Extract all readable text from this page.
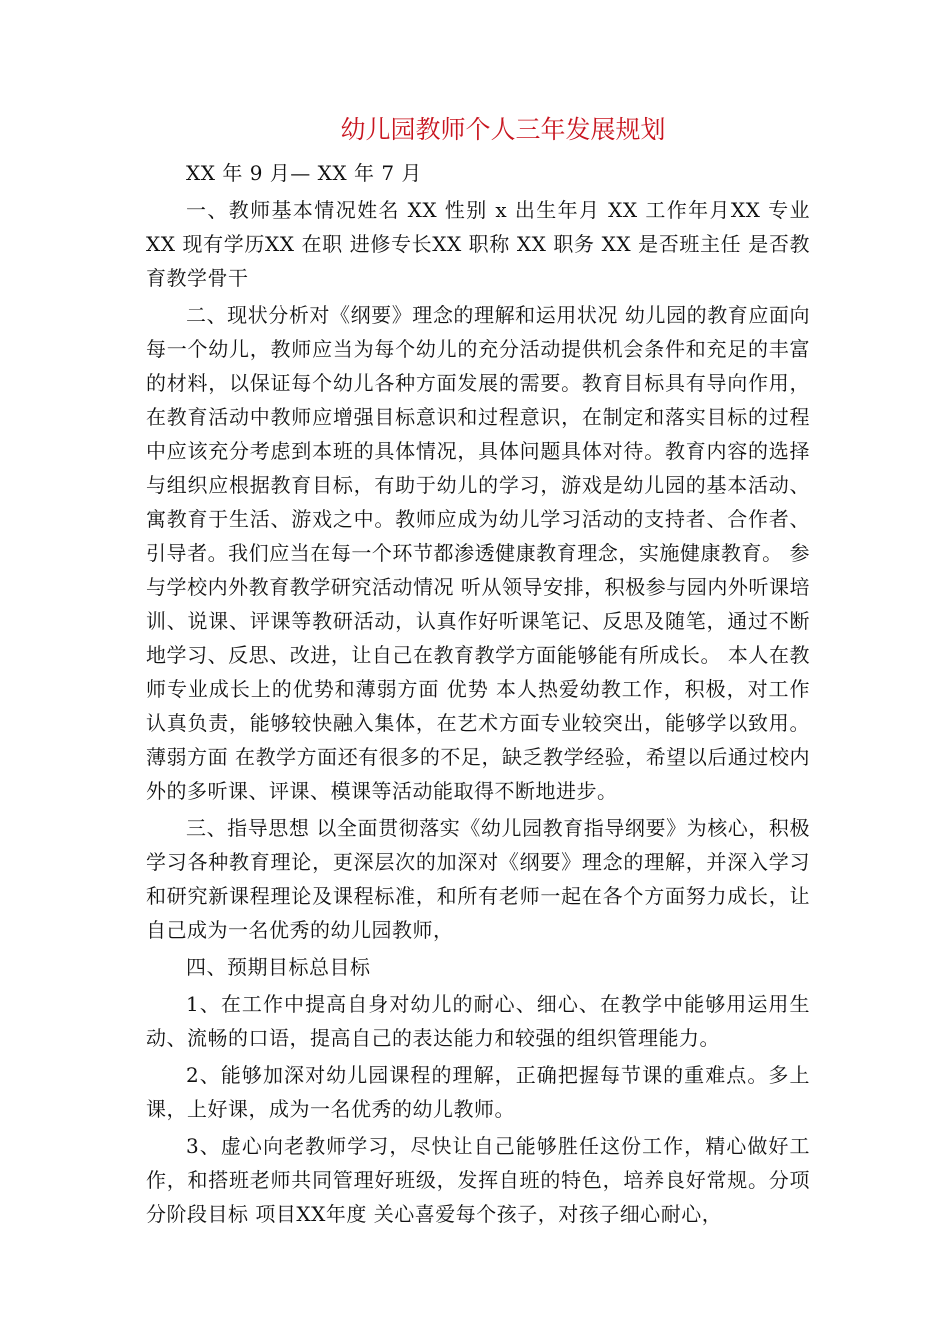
幼儿园教师个人三年发展规划

XX 年 9 月— XX 年 7 月

一、教师基本情况姓名 XX 性别 x 出生年月 XX 工作年月XX 专业 XX 现有学历XX 在职 进修专长XX 职称 XX 职务 XX 是否班主任 是否教育教学骨干

二、现状分析对《纲要》理念的理解和运用状况 幼儿园的教育应面向每一个幼儿，教师应当为每个幼儿的充分活动提供机会条件和充足的丰富的材料，以保证每个幼儿各种方面发展的需要。教育目标具有导向作用，在教育活动中教师应增强目标意识和过程意识，在制定和落实目标的过程中应该充分考虑到本班的具体情况，具体问题具体对待。教育内容的选择与组织应根据教育目标，有助于幼儿的学习，游戏是幼儿园的基本活动、寓教育于生活、游戏之中。教师应成为幼儿学习活动的支持者、合作者、引导者。我们应当在每一个环节都渗透健康教育理念，实施健康教育。 参与学校内外教育教学研究活动情况 听从领导安排，积极参与园内外听课培训、说课、评课等教研活动，认真作好听课笔记、反思及随笔，通过不断地学习、反思、改进，让自己在教育教学方面能够能有所成长。 本人在教师专业成长上的优势和薄弱方面 优势 本人热爱幼教工作，积极，对工作认真负责，能够较快融入集体，在艺术方面专业较突出，能够学以致用。 薄弱方面 在教学方面还有很多的不足，缺乏教学经验，希望以后通过校内外的多听课、评课、模课等活动能取得不断地进步。

三、指导思想 以全面贯彻落实《幼儿园教育指导纲要》为核心，积极学习各种教育理论，更深层次的加深对《纲要》理念的理解，并深入学习和研究新课程理论及课程标准，和所有老师一起在各个方面努力成长，让自己成为一名优秀的幼儿园教师，

四、预期目标总目标

1、在工作中提高自身对幼儿的耐心、细心、在教学中能够用运用生动、流畅的口语，提高自己的表达能力和较强的组织管理能力。

2、能够加深对幼儿园课程的理解，正确把握每节课的重难点。多上课，上好课，成为一名优秀的幼儿教师。

3、虚心向老教师学习，尽快让自己能够胜任这份工作，精心做好工作，和搭班老师共同管理好班级，发挥自班的特色，培养良好常规。分项 分阶段目标 项目XX年度 关心喜爱每个孩子，对孩子细心耐心，
